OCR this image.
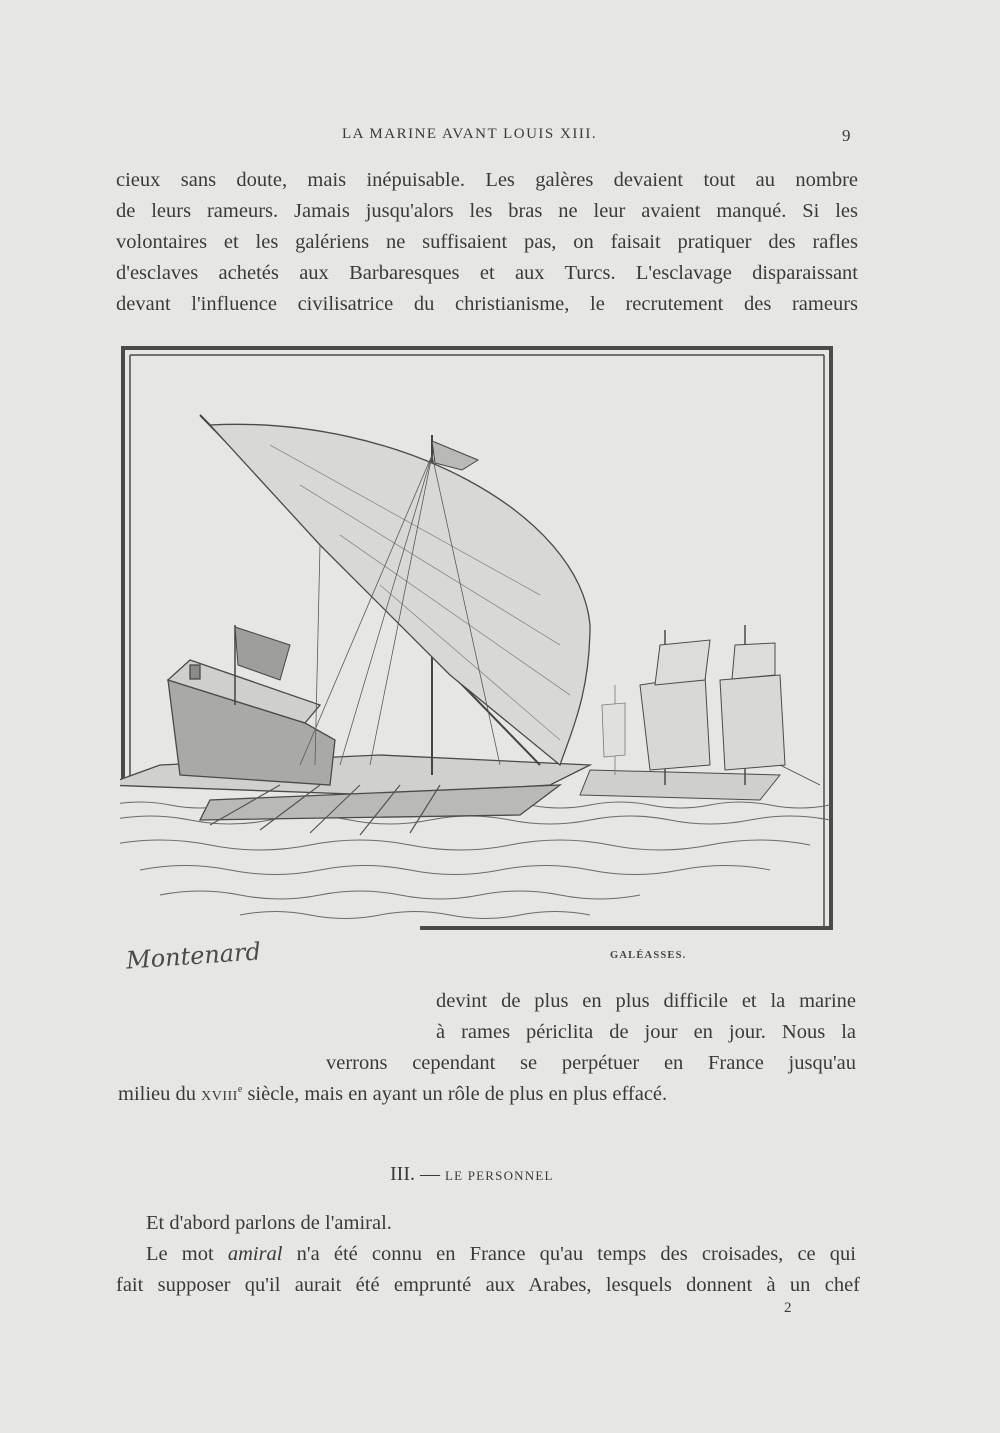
LA MARINE AVANT LOUIS XIII.	9
cieux sans doute, mais inépuisable. Les galères devaient tout au nombre
de leurs rameurs. Jamais jusqu'alors les bras ne leur avaient manqué. Si les
volontaires et les galériens ne suffisaient pas, on faisait pratiquer des rafles
d'esclaves achetés aux Barbaresques et aux Turcs. L'esclavage disparaissant
devant l'influence civilisatrice du christianisme, le recrutement des rameurs
Montenard	GALÉASSES.
devint de plus en plus difficile et la marine
à rames périclita de jour en jour. Nous la
verrons cependant se perpétuer en France jusqu'au
milieu du XVIIIe siècle, mais en ayant un rôle de plus en plus effacé.
III. — LE PERSONNEL
Et d'abord parlons de l'amiral.
Le mot amiral n'a été connu en France qu'au temps des croisades, ce qui
fait supposer qu'il aurait été emprunté aux Arabes, lesquels donnent à un chef
2
